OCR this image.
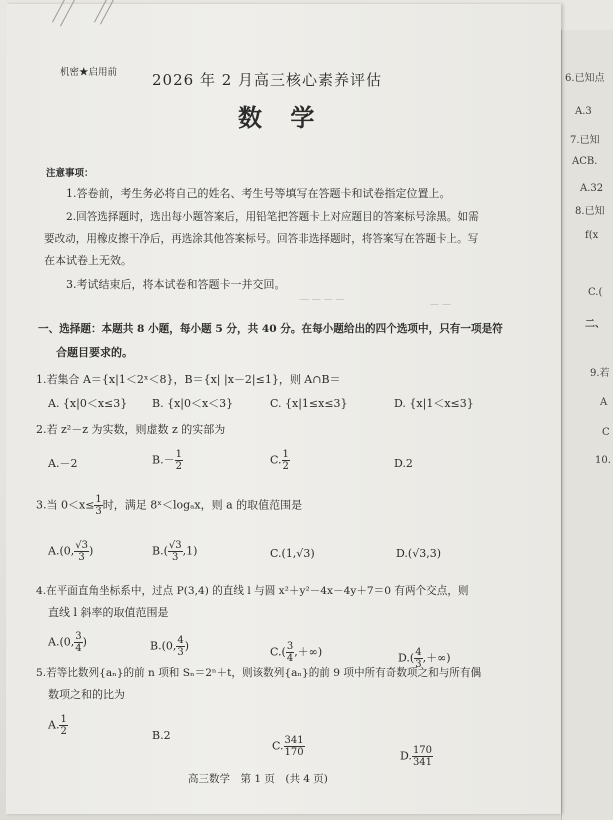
— — — —	— —
机密★启用前 2026 年 2 月高三核心素养评估
数 学
注意事项：
1.答卷前，考生务必将自己的姓名、考生号等填写在答题卡和试卷指定位置上。
2.回答选择题时，选出每小题答案后，用铅笔把答题卡上对应题目的答案标号涂黑。如需
要改动，用橡皮擦干净后，再选涂其他答案标号。回答非选择题时，将答案写在答题卡上。写
在本试卷上无效。
3.考试结束后，将本试卷和答题卡一并交回。
一、选择题：本题共 8 小题，每小题 5 分，共 40 分。在每小题给出的四个选项中，只有一项是符
合题目要求的。
1.若集合 A＝{x|1＜2ˣ＜8}，B＝{x| |x－2|≤1}，则 A∩B＝
A. {x|0＜x≤3} B. {x|0＜x＜3}	C. {x|1≤x≤3}	D. {x|1＜x≤3}
2.若 z²－z 为实数，则虚数 z 的实部为
A.－2	$B.- \frac{1}{2}$	C. $\frac{1}{2}$	D.2
3.当 $0<x\le \frac{1}{3}$ 时，满足 8ˣ＜logₐx，则 a 的取值范围是
A.(0, $\frac{√3}{3}$ )	$B.( \frac{√3}{3} ,1)$	C.(1,√3)	D.(√3,3)
4.在平面直角坐标系中，过点 P(3,4) 的直线 l 与圆 x²＋y²－4x－4y＋7＝0 有两个交点，则
直线 l 斜率的取值范围是
A.(0, $\frac{3}{4}$ )	B.(0, $\frac{4}{3}$ )	$C.( \frac{3}{4}$ ,＋∞)	$D.( \frac{4}{3}$ ,＋∞)
5.若等比数列{aₙ}的前 n 项和 Sₙ＝2ⁿ＋t，则该数列{aₙ}的前 9 项中所有奇数项之和与所有偶
数项之和的比为
A. $\frac{1}{2}$	B.2
C. $\frac{341}{170}$	D. $\frac{170}{341}$
高三数学　第 1 页　(共 4 页)
6.已知点
A.3
7.已知
ACB.
A.32
8.已知
f(x
C.(
二、
9.若
A
C
10.
